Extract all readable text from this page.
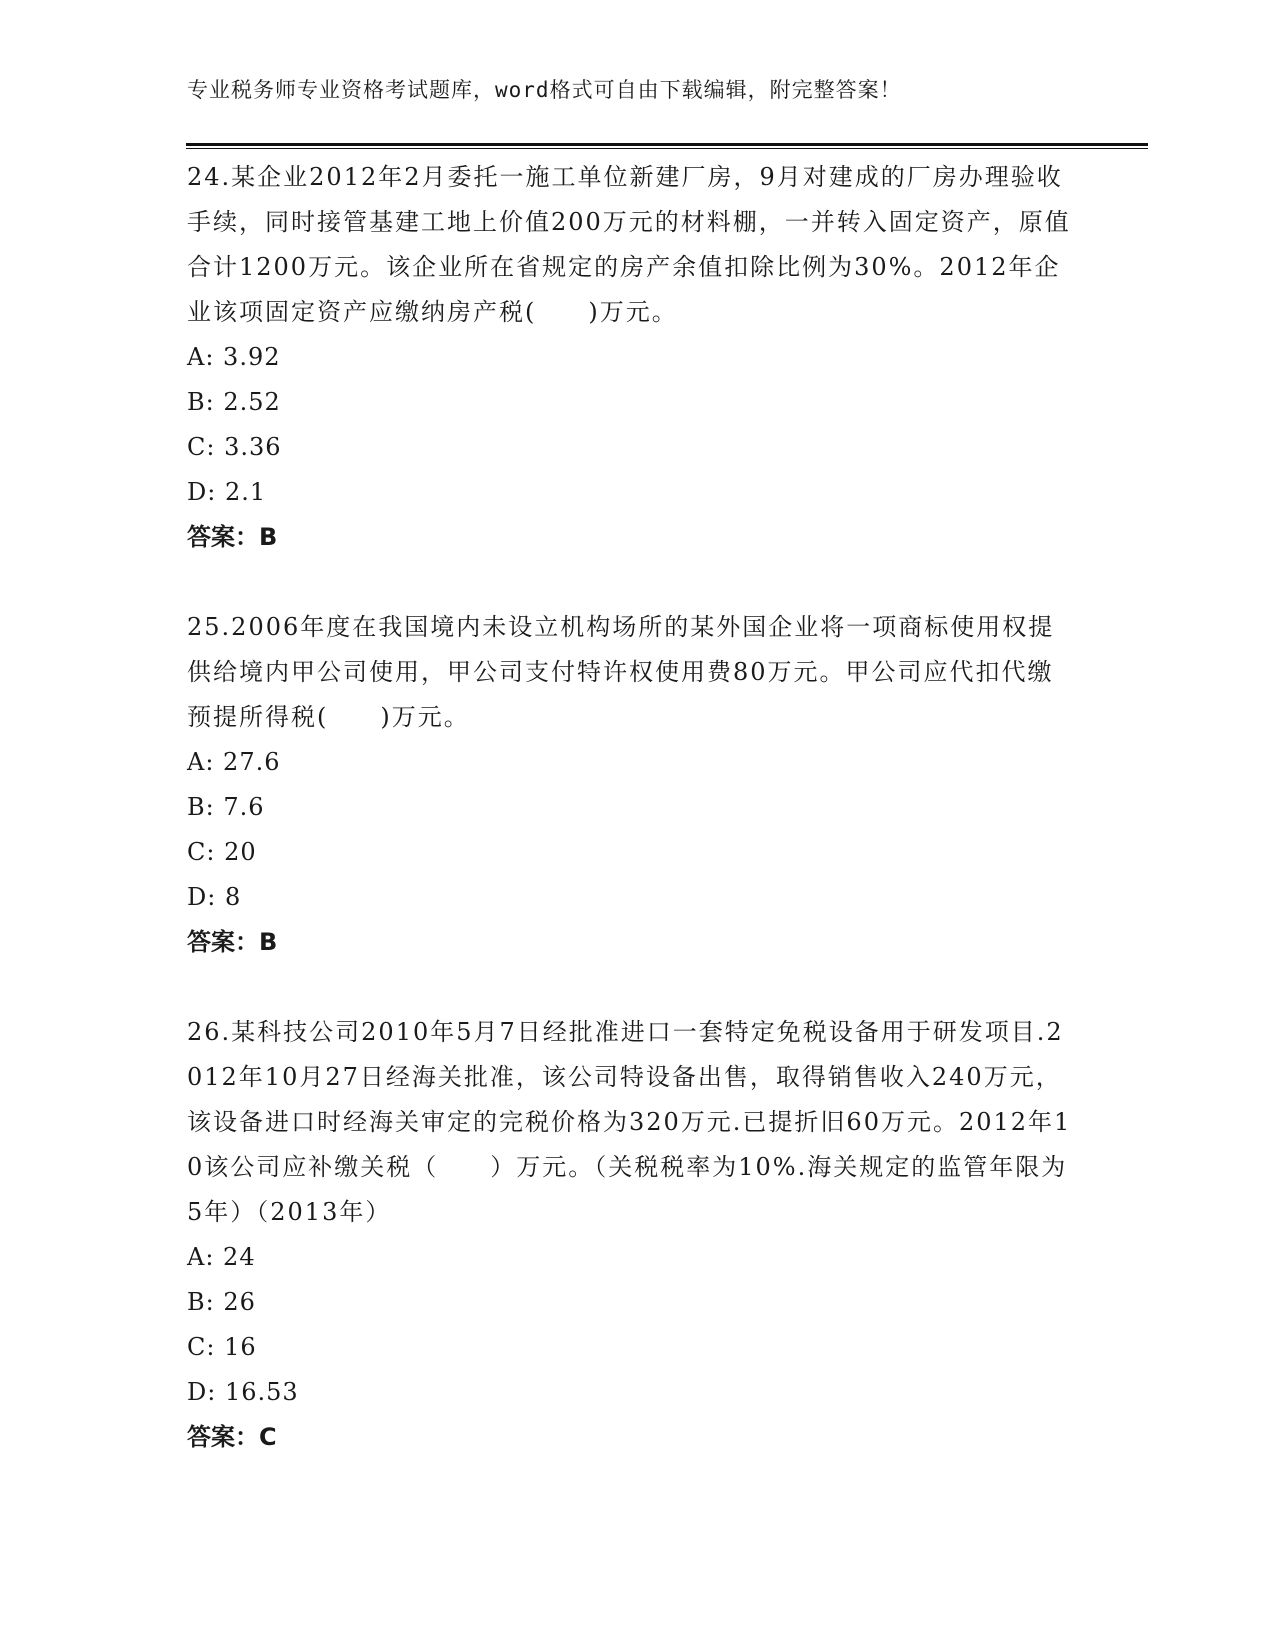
专业税务师专业资格考试题库，word格式可自由下载编辑，附完整答案！
24.某企业2012年2月委托一施工单位新建厂房，9月对建成的厂房办理验收手续，同时接管基建工地上价值200万元的材料棚，一并转入固定资产，原值合计1200万元。该企业所在省规定的房产余值扣除比例为30%。2012年企业该项固定资产应缴纳房产税(　　)万元。
A: 3.92
B: 2.52
C: 3.36
D: 2.1
答案：B
25.2006年度在我国境内未设立机构场所的某外国企业将一项商标使用权提供给境内甲公司使用，甲公司支付特许权使用费80万元。甲公司应代扣代缴预提所得税(　　)万元。
A: 27.6
B: 7.6
C: 20
D: 8
答案：B
26.某科技公司2010年5月7日经批准进口一套特定免税设备用于研发项目.2012年10月27日经海关批准，该公司特设备出售，取得销售收入240万元，该设备进口时经海关审定的完税价格为320万元.已提折旧60万元。2012年10该公司应补缴关税（　　）万元。（关税税率为10%.海关规定的监管年限为5年）（2013年）
A: 24
B: 26
C: 16
D: 16.53
答案：C
